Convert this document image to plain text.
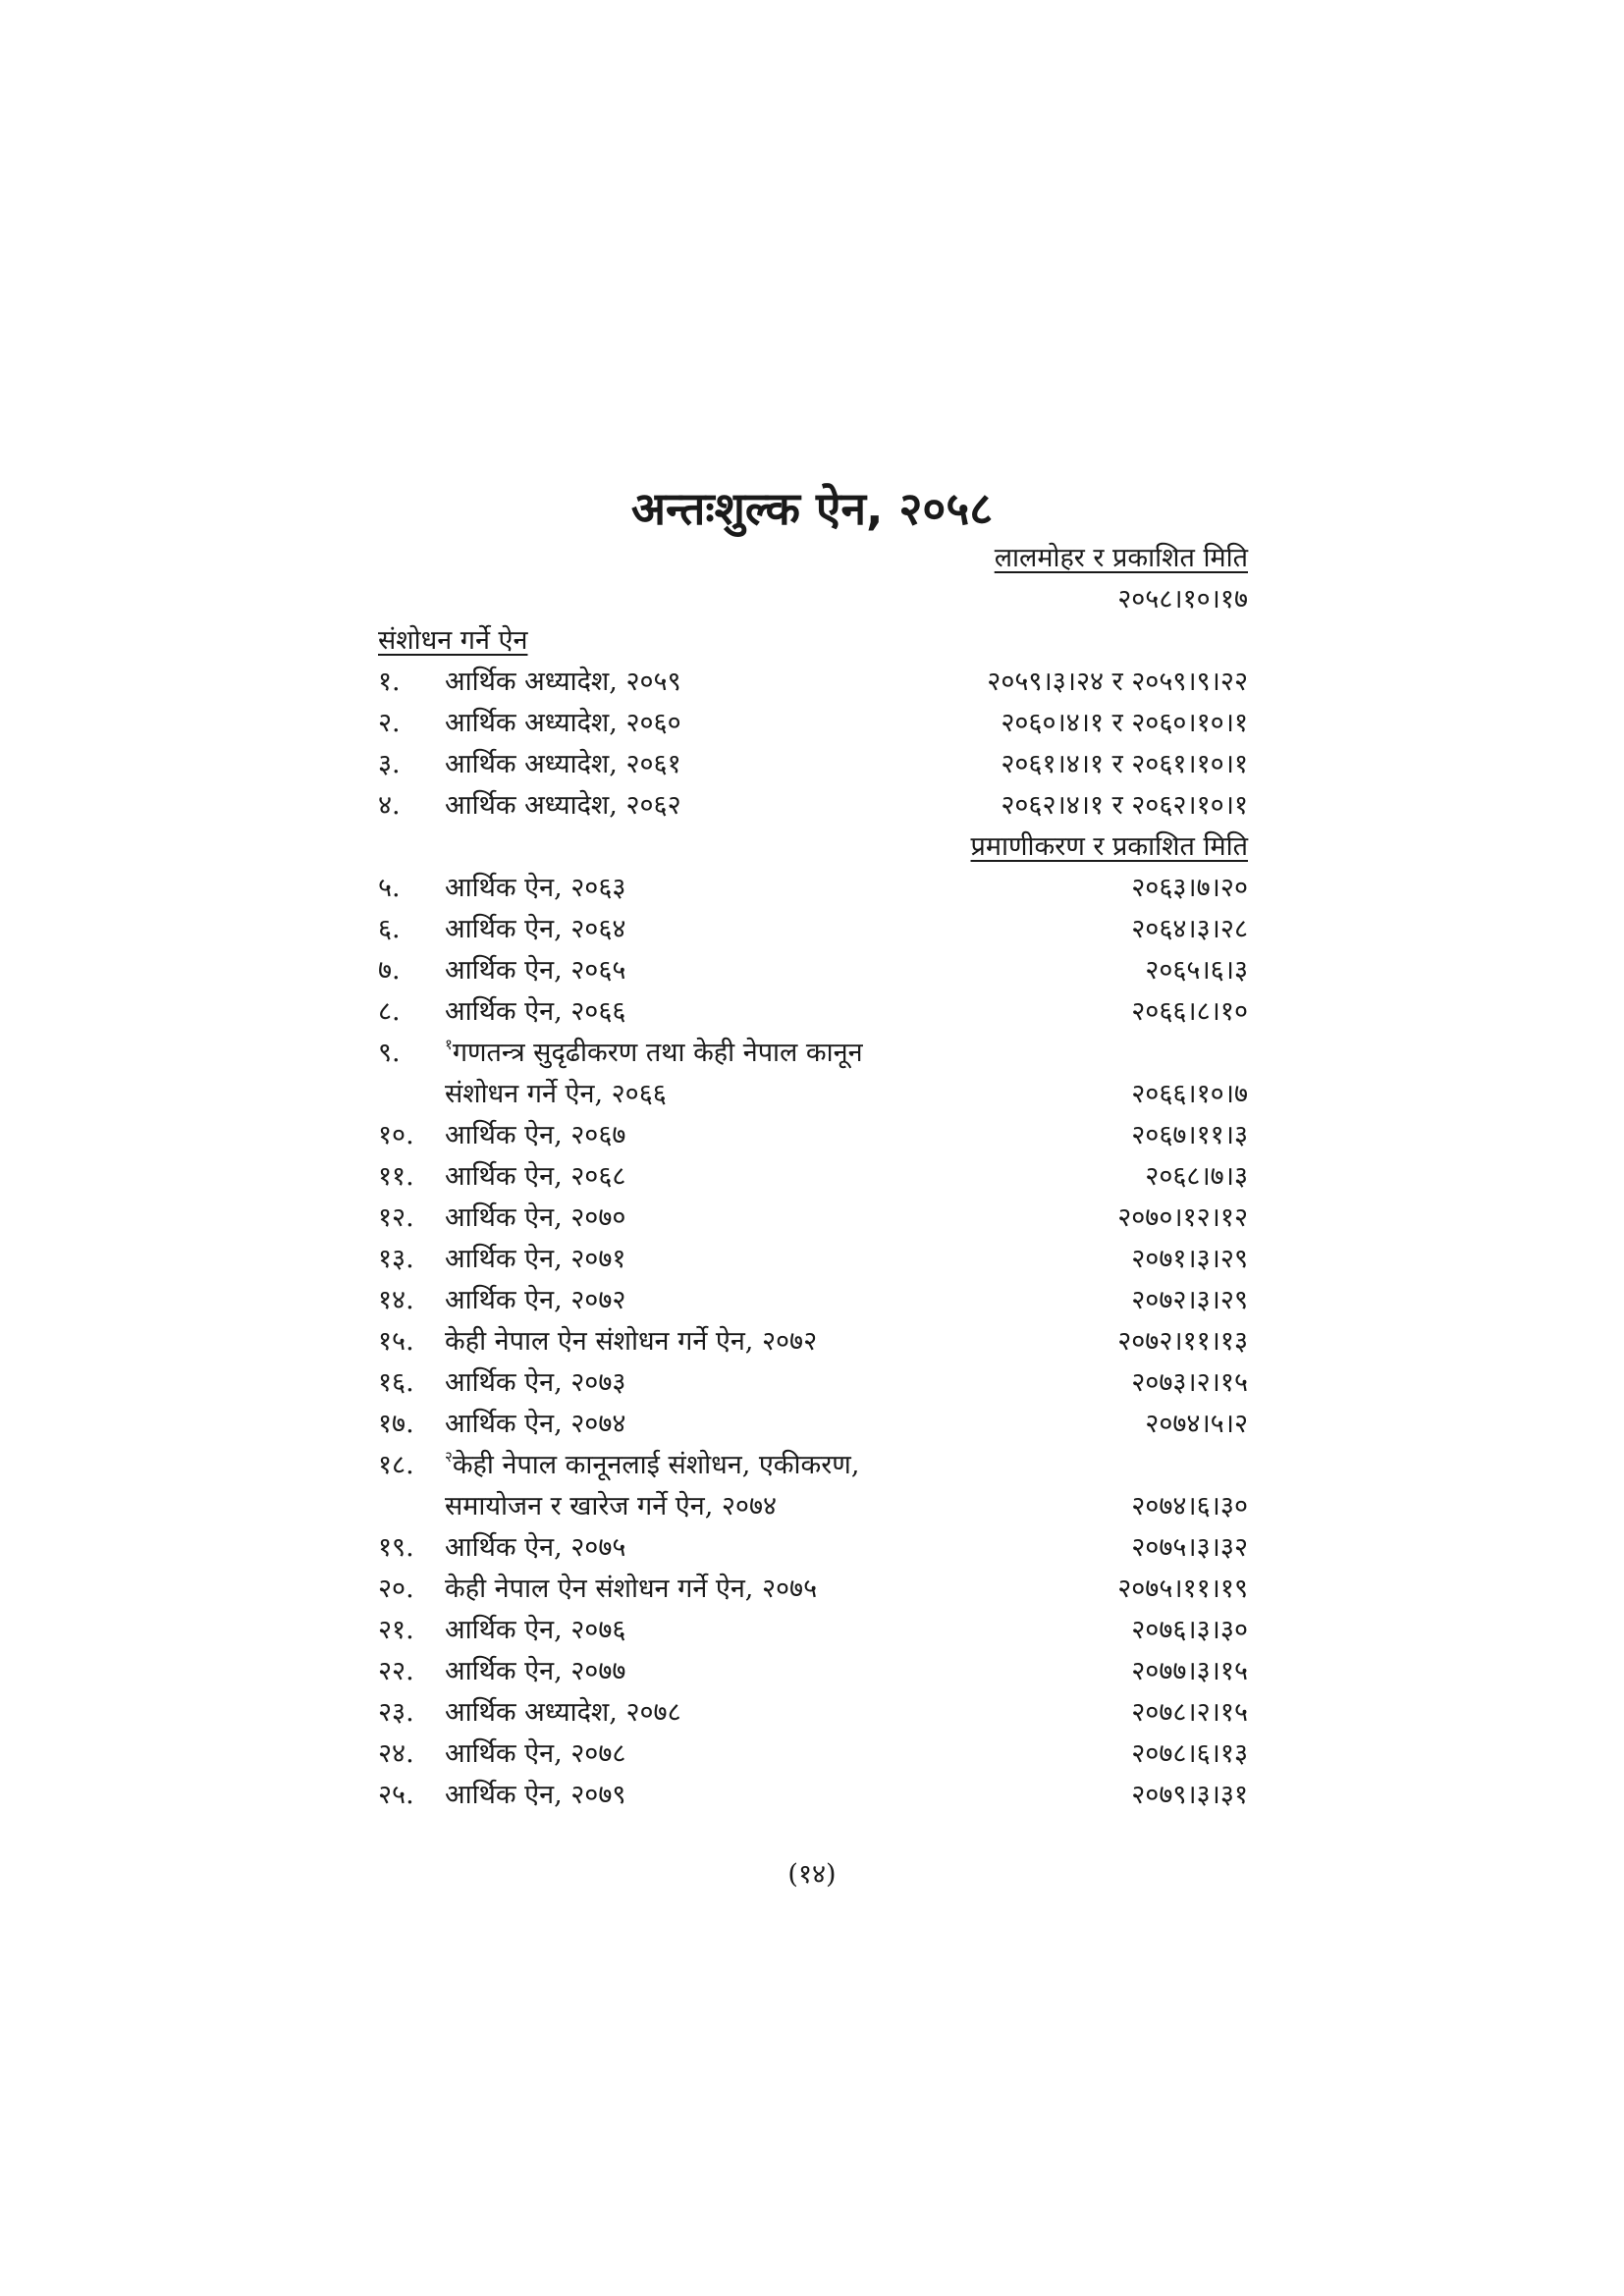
अन्तःशुल्क ऐन, २०५८
लालमोहर र प्रकाशित मिति
२०५८।१०।१७
संशोधन गर्ने ऐन
१.	आर्थिक अध्यादेश, २०५९	२०५९।३।२४ र २०५९।९।२२
२.	आर्थिक अध्यादेश, २०६०	२०६०।४।१ र २०६०।१०।१
३.	आर्थिक अध्यादेश, २०६१	२०६१।४।१ र २०६१।१०।१
४.	आर्थिक अध्यादेश, २०६२	२०६२।४।१ र २०६२।१०।१
प्रमाणीकरण र प्रकाशित मिति
५.	आर्थिक ऐन, २०६३	२०६३।७।२०
६.	आर्थिक ऐन, २०६४	२०६४।३।२८
७.	आर्थिक ऐन, २०६५	२०६५।६।३
८.	आर्थिक ऐन, २०६६	२०६६।८।१०
९.	$^१$गणतन्त्र सुदृढीकरण तथा केही नेपाल कानून
संशोधन गर्ने ऐन, २०६६	२०६६।१०।७
१०.	आर्थिक ऐन, २०६७	२०६७।११।३
११.	आर्थिक ऐन, २०६८	२०६८।७।३
१२.	आर्थिक ऐन, २०७०	२०७०।१२।१२
१३.	आर्थिक ऐन, २०७१	२०७१।३।२९
१४.	आर्थिक ऐन, २०७२	२०७२।३।२९
१५.	केही नेपाल ऐन संशोधन गर्ने ऐन, २०७२	२०७२।११।१३
१६.	आर्थिक ऐन, २०७३	२०७३।२।१५
१७.	आर्थिक ऐन, २०७४	२०७४।५।२
१८.	$^२$केही नेपाल कानूनलाई संशोधन, एकीकरण,
समायोजन र खारेज गर्ने ऐन, २०७४	२०७४।६।३०
१९.	आर्थिक ऐन, २०७५	२०७५।३।३२
२०.	केही नेपाल ऐन संशोधन गर्ने ऐन, २०७५	२०७५।११।१९
२१.	आर्थिक ऐन, २०७६	२०७६।३।३०
२२.	आर्थिक ऐन, २०७७	२०७७।३।१५
२३.	आर्थिक अध्यादेश, २०७८	२०७८।२।१५
२४.	आर्थिक ऐन, २०७८	२०७८।६।१३
२५.	आर्थिक ऐन, २०७९	२०७९।३।३१
(१४)
